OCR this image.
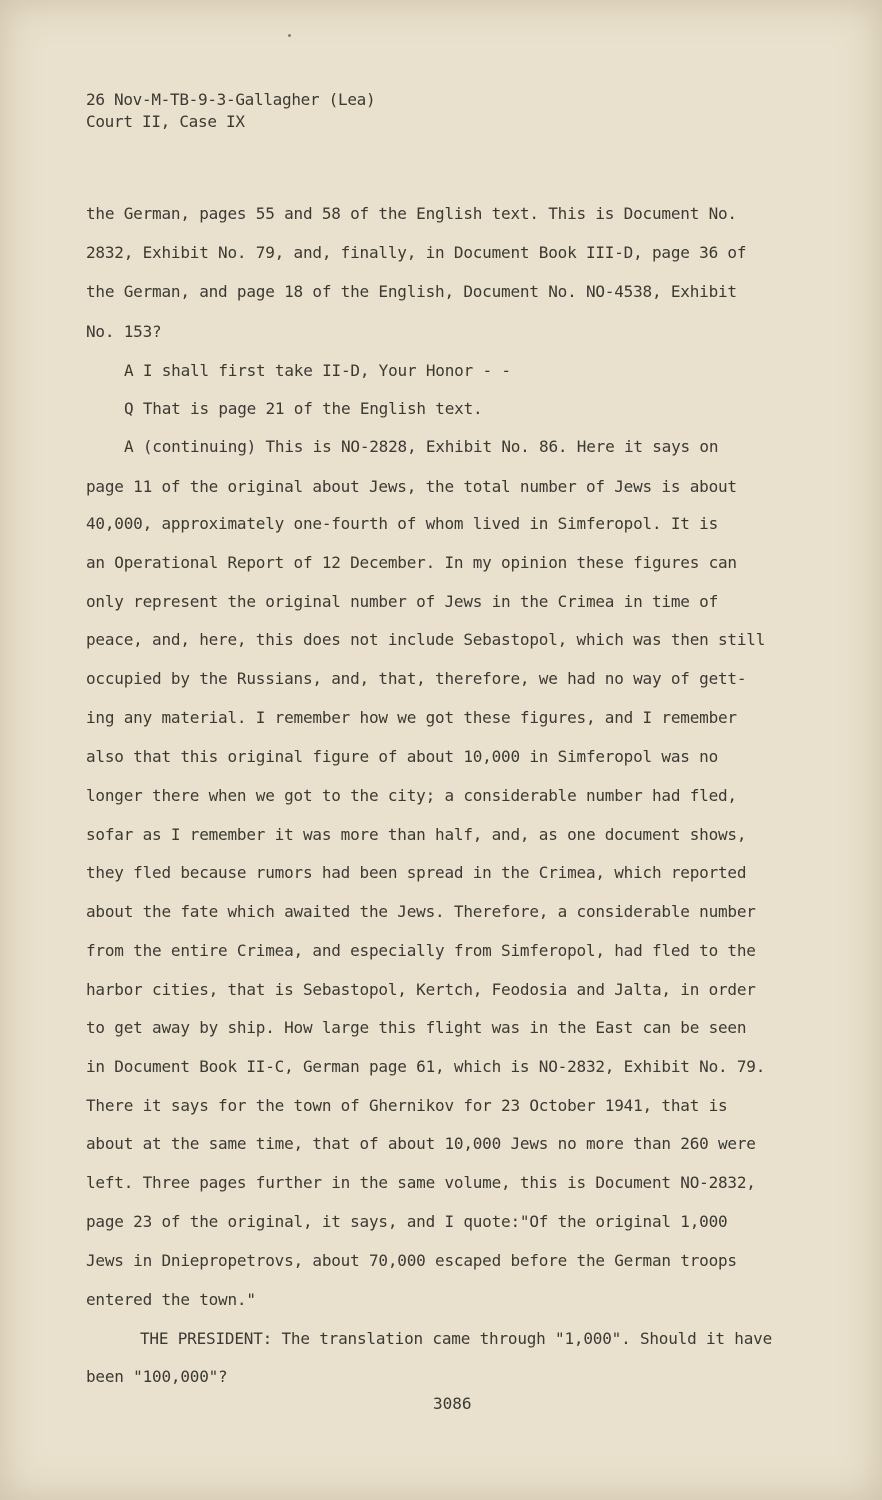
26 Nov-M-TB-9-3-Gallagher (Lea)
Court II, Case IX
the German, pages 55 and 58 of the English text. This is Document No.
2832, Exhibit No. 79, and, finally, in Document Book III-D, page 36 of
the German, and page 18 of the English, Document No. NO-4538, Exhibit
No. 153?
A I shall first take II-D, Your Honor - -
Q That is page 21 of the English text.
A (continuing) This is NO-2828, Exhibit No. 86. Here it says on
page 11 of the original about Jews, the total number of Jews is about
40,000, approximately one-fourth of whom lived in Simferopol. It is
an Operational Report of 12 December. In my opinion these figures can
only represent the original number of Jews in the Crimea in time of
peace, and, here, this does not include Sebastopol, which was then still
occupied by the Russians, and, that, therefore, we had no way of gett-
ing any material. I remember how we got these figures, and I remember
also that this original figure of about 10,000 in Simferopol was no
longer there when we got to the city; a considerable number had fled,
sofar as I remember it was more than half, and, as one document shows,
they fled because rumors had been spread in the Crimea, which reported
about the fate which awaited the Jews. Therefore, a considerable number
from the entire Crimea, and especially from Simferopol, had fled to the
harbor cities, that is Sebastopol, Kertch, Feodosia and Jalta, in order
to get away by ship. How large this flight was in the East can be seen
in Document Book II-C, German page 61, which is NO-2832, Exhibit No. 79.
There it says for the town of Ghernikov for 23 October 1941, that is
about at the same time, that of about 10,000 Jews no more than 260 were
left. Three pages further in the same volume, this is Document NO-2832,
page 23 of the original, it says, and I quote:"Of the original 1,000
Jews in Dniepropetrovs, about 70,000 escaped before the German troops
entered the town."
THE PRESIDENT: The translation came through "1,000". Should it have
been "100,000"?
3086
